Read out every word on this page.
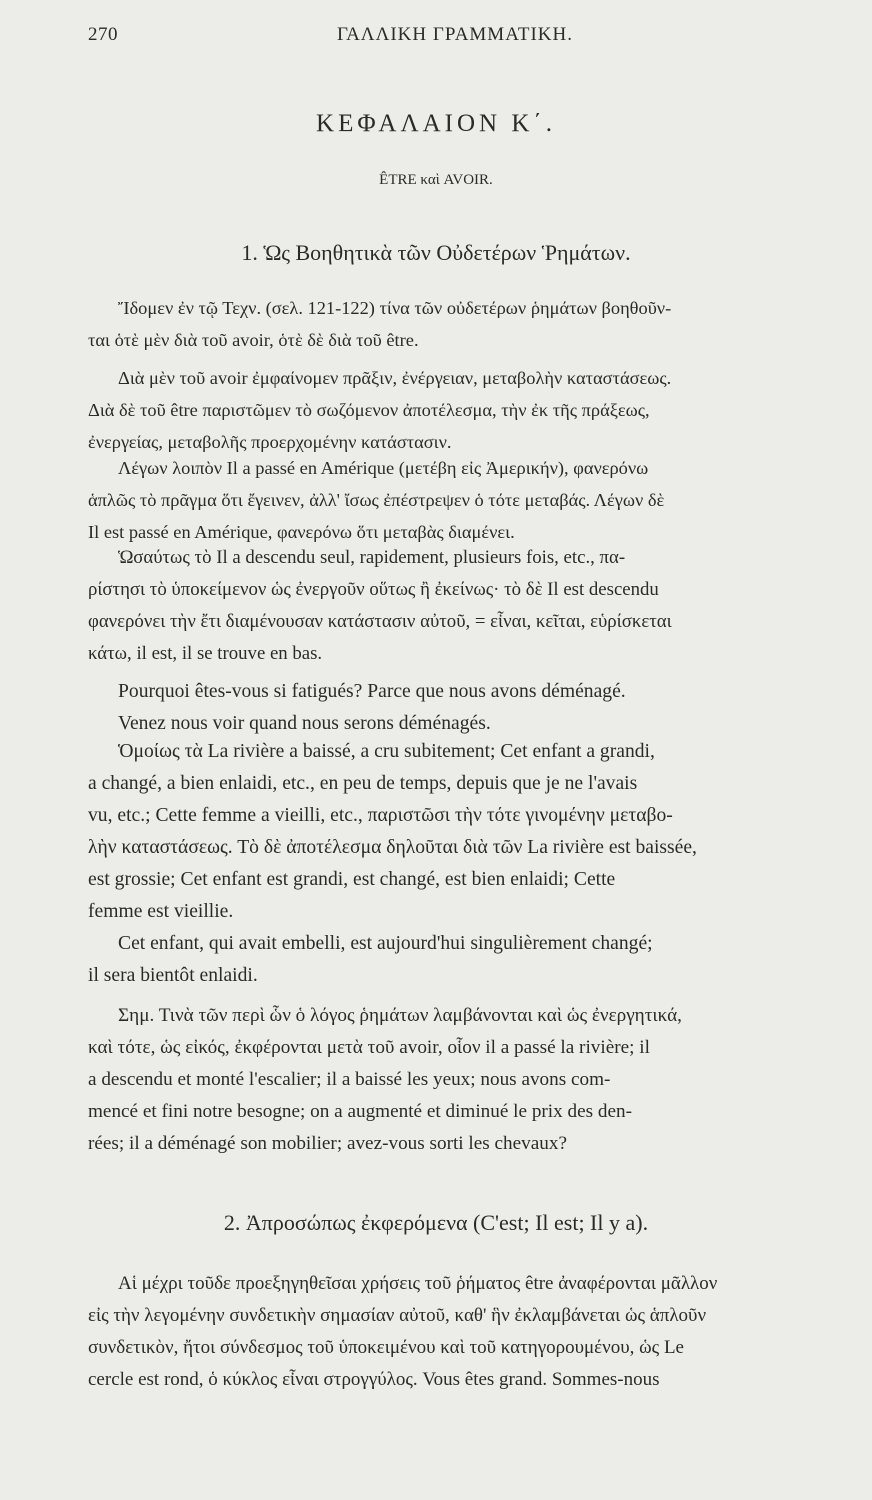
270	ΓΑΛΛΙΚΗ ΓΡΑΜΜΑΤΙΚΗ.
ΚΕΦΑΛΑΙΟΝ Κ΄.
ÊTRE καὶ AVOIR.
1. Ὡς Βοηθητικὰ τῶν Οὐδετέρων Ῥημάτων.
Ἴδομεν ἐν τῷ Τεχν. (σελ. 121-122) τίνα τῶν οὐδετέρων ῥημάτων βοηθοῦν-
ται ὁτὲ μὲν διὰ τοῦ avoir, ὁτὲ δὲ διὰ τοῦ être.
Διὰ μὲν τοῦ avoir ἐμφαίνομεν πρᾶξιν, ἐνέργειαν, μεταβολὴν καταστάσεως.
Διὰ δὲ τοῦ être παριστῶμεν τὸ σωζόμενον ἀποτέλεσμα, τὴν ἐκ τῆς πράξεως,
ἐνεργείας, μεταβολῆς προερχομένην κατάστασιν.
Λέγων λοιπὸν Il a passé en Amérique (μετέβη εἰς Ἀμερικήν), φανερόνω
ἁπλῶς τὸ πρᾶγμα ὅτι ἔγεινεν, ἀλλ' ἴσως ἐπέστρεψεν ὁ τότε μεταβάς. Λέγων δὲ
Il est passé en Amérique, φανερόνω ὅτι μεταβὰς διαμένει.
Ὡσαύτως τὸ Il a descendu seul, rapidement, plusieurs fois, etc., πα-
ρίστησι τὸ ὑποκείμενον ὡς ἐνεργοῦν οὕτως ἢ ἐκείνως· τὸ δὲ Il est descendu
φανερόνει τὴν ἔτι διαμένουσαν κατάστασιν αὐτοῦ, = εἶναι, κεῖται, εὑρίσκεται
κάτω, il est, il se trouve en bas.
Pourquoi êtes-vous si fatigués? Parce que nous avons déménagé.
Venez nous voir quand nous serons déménagés.
Ὁμοίως τὰ La rivière a baissé, a cru subitement; Cet enfant a grandi,
a changé, a bien enlaidi, etc., en peu de temps, depuis que je ne l'avais
vu, etc.; Cette femme a vieilli, etc., παριστῶσι τὴν τότε γινομένην μεταβο-
λὴν καταστάσεως. Τὸ δὲ ἀποτέλεσμα δηλοῦται διὰ τῶν La rivière est baissée,
est grossie; Cet enfant est grandi, est changé, est bien enlaidi; Cette
femme est vieillie.
Cet enfant, qui avait embelli, est aujourd'hui singulièrement changé;
il sera bientôt enlaidi.
Σημ. Τινὰ τῶν περὶ ὧν ὁ λόγος ῥημάτων λαμβάνονται καὶ ὡς ἐνεργητικά,
καὶ τότε, ὡς εἰκός, ἐκφέρονται μετὰ τοῦ avoir, οἷον il a passé la rivière; il
a descendu et monté l'escalier; il a baissé les yeux; nous avons com-
mencé et fini notre besogne; on a augmenté et diminué le prix des den-
rées; il a déménagé son mobilier; avez-vous sorti les chevaux?
2. Ἀπροσώπως ἐκφερόμενα (C'est; Il est; Il y a).
Αἱ μέχρι τοῦδε προεξηγηθεῖσαι χρήσεις τοῦ ῥήματος être ἀναφέρονται μᾶλλον
εἰς τὴν λεγομένην συνδετικὴν σημασίαν αὐτοῦ, καθ' ἣν ἐκλαμβάνεται ὡς ἁπλοῦν
συνδετικὸν, ἤτοι σύνδεσμος τοῦ ὑποκειμένου καὶ τοῦ κατηγορουμένου, ὡς Le
cercle est rond, ὁ κύκλος εἶναι στρογγύλος. Vous êtes grand. Sommes-nous
